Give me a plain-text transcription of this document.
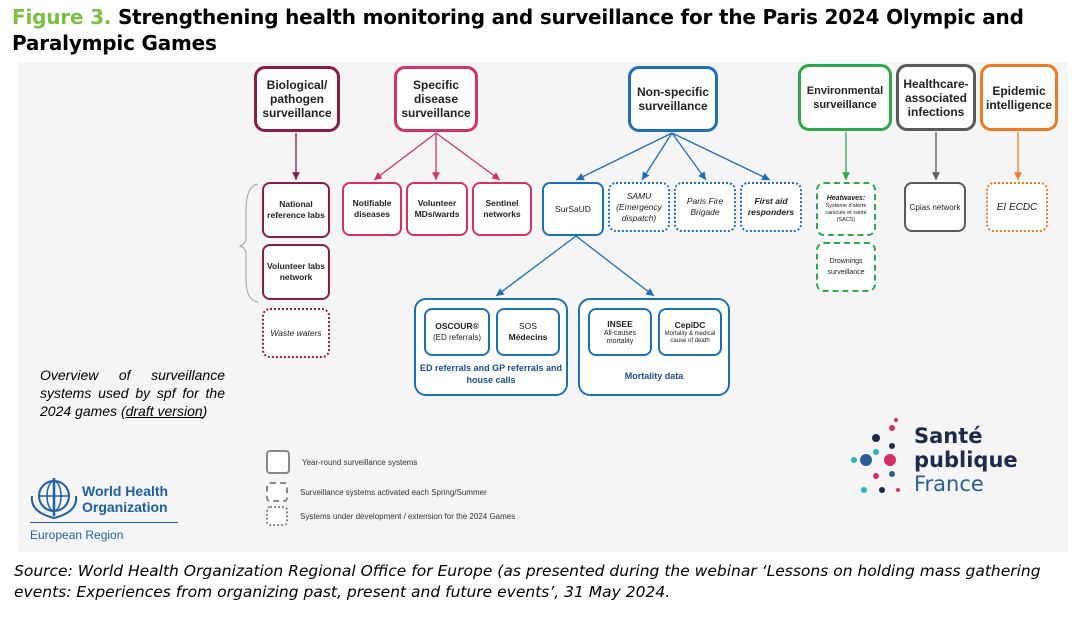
Figure 3. Strengthening health monitoring and surveillance for the Paris 2024 Olympic and Paralympic Games
Biological/ pathogen surveillance
Specific disease surveillance
Non-specific surveillance
Environmental surveillance
Healthcare-associated infections
Epidemic intelligence
National reference labs
Volunteer labs network
Waste waters
Notifiable diseases
Volunteer MDs/wards
Sentinel networks
SurSaUD
SAMU (Emergency dispatch)
Paris Fire Brigade
First aid responders
Heatwaves:
Système d'alerte canicule et santé (SACS)
Drownings surveillance
Cpias network	EI ECDC
OSCOUR®
(ED referrals)
SOS
Médecins
ED referrals and GP referrals and house calls
INSEE
All-causes mortality
CepiDC
Mortality & medical cause of death
Mortality data
Overview of surveillance systems used by spf for the 2024 games (draft version)
Year-round surveillance systems
Surveillance systems activated each Spring/Summer
Systems under development / extension for the 2024 Games
World Health
Organization
European Region
Santé
publique
France
Source: World Health Organization Regional Office for Europe (as presented during the webinar ‘Lessons on holding mass gathering events: Experiences from organizing past, present and future events’, 31 May 2024.
